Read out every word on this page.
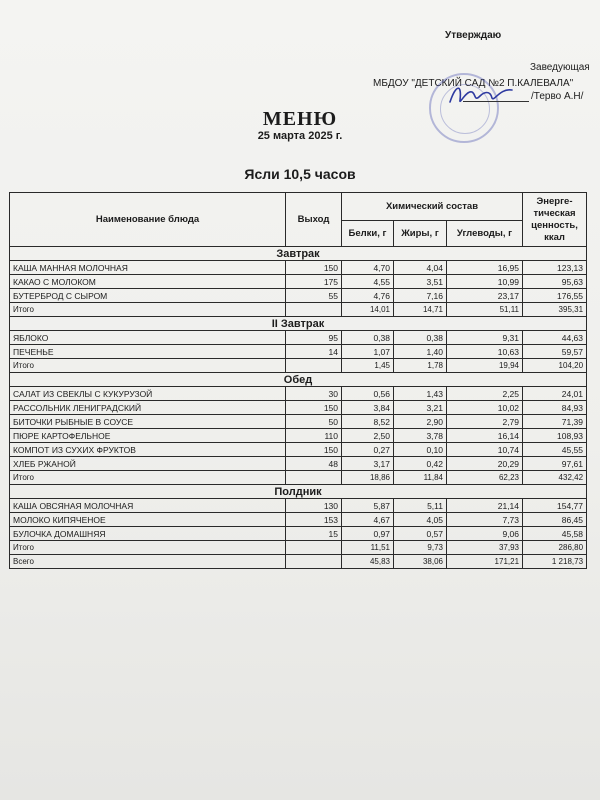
Утверждаю
Заведующая
МБДОУ "ДЕТСКИЙ САД №2 П.КАЛЕВАЛА"
/Терво А.Н/
МЕНЮ
25 марта 2025 г.
Ясли 10,5 часов
Наименование блюда	Выход	Химический состав			Энерге-тическая ценность, ккал
		Белки, г	Жиры, г	Углеводы, г	
Завтрак					
КАША МАННАЯ МОЛОЧНАЯ	150	4,70	4,04	16,95	123,13
КАКАО С МОЛОКОМ	175	4,55	3,51	10,99	95,63
БУТЕРБРОД С СЫРОМ	55	4,76	7,16	23,17	176,55
Итого		14,01	14,71	51,11	395,31
II Завтрак					
ЯБЛОКО	95	0,38	0,38	9,31	44,63
ПЕЧЕНЬЕ	14	1,07	1,40	10,63	59,57
Итого		1,45	1,78	19,94	104,20
Обед					
САЛАТ ИЗ СВЕКЛЫ С КУКУРУЗОЙ	30	0,56	1,43	2,25	24,01
РАССОЛЬНИК ЛЕНИГРАДСКИЙ	150	3,84	3,21	10,02	84,93
БИТОЧКИ РЫБНЫЕ В СОУСЕ	50	8,52	2,90	2,79	71,39
ПЮРЕ КАРТОФЕЛЬНОЕ	110	2,50	3,78	16,14	108,93
КОМПОТ ИЗ СУХИХ ФРУКТОВ	150	0,27	0,10	10,74	45,55
ХЛЕБ РЖАНОЙ	48	3,17	0,42	20,29	97,61
Итого		18,86	11,84	62,23	432,42
Полдник					
КАША ОВСЯНАЯ МОЛОЧНАЯ	130	5,87	5,11	21,14	154,77
МОЛОКО КИПЯЧЕНОЕ	153	4,67	4,05	7,73	86,45
БУЛОЧКА ДОМАШНЯЯ	15	0,97	0,57	9,06	45,58
Итого		11,51	9,73	37,93	286,80
Всего		45,83	38,06	171,21	1 218,73
